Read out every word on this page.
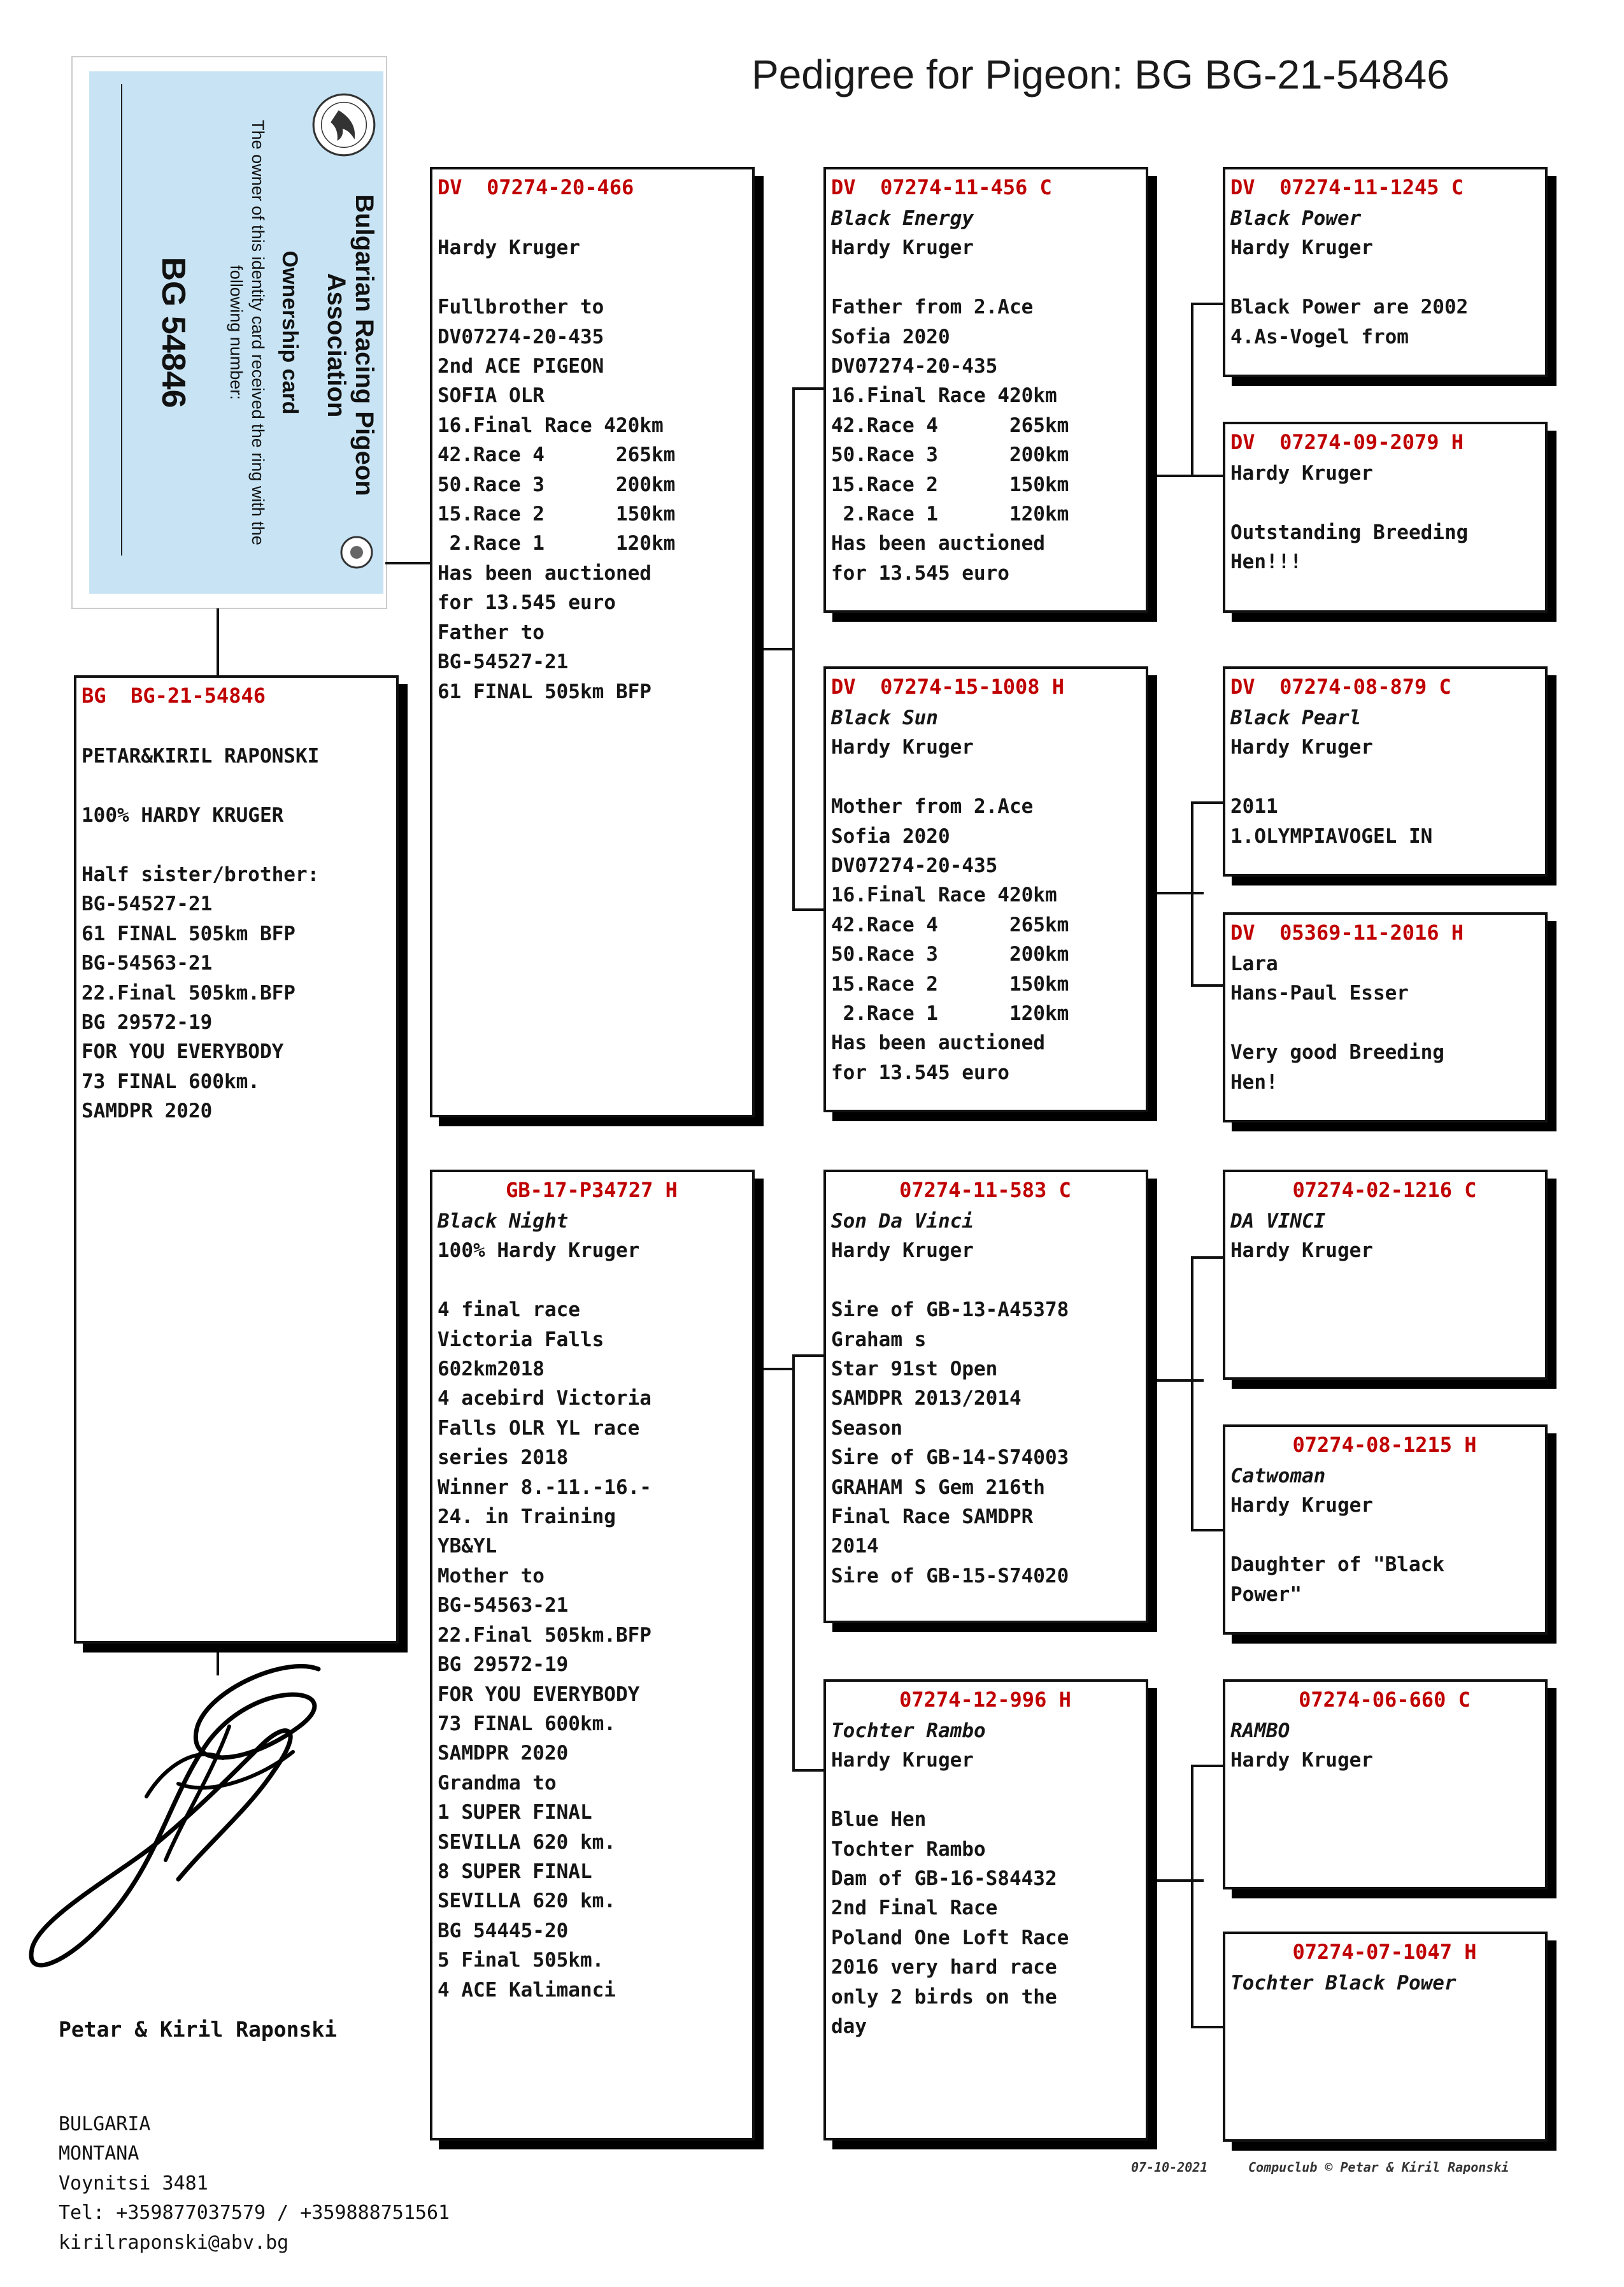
Pedigree for Pigeon: BG BG-21-54846
Bulgarian Racing Pigeon Association
Ownership card
The owner of this identity card received the ring with the following number:
BG 54846
BG  BG-21-54846

PETAR&KIRIL RAPONSKI

100% HARDY KRUGER

Half sister/brother:
BG-54527-21
61 FINAL 505km BFP
BG-54563-21
22.Final 505km.BFP
BG 29572-19
FOR YOU EVERYBODY
73 FINAL 600km.
SAMDPR 2020
DV  07274-20-466

Hardy Kruger

Fullbrother to
DV07274-20-435
2nd ACE PIGEON
SOFIA OLR
16.Final Race 420km
42.Race 4      265km
50.Race 3      200km
15.Race 2      150km
2.Race 1      120km
Has been auctioned
for 13.545 euro
Father to
BG-54527-21
61 FINAL 505km BFP
GB-17-P34727 H
Black Night
100% Hardy Kruger

4 final race
Victoria Falls
602km2018
4 acebird Victoria
Falls OLR YL race
series 2018
Winner 8.-11.-16.-
24. in Training
YB&YL
Mother to
BG-54563-21
22.Final 505km.BFP
BG 29572-19
FOR YOU EVERYBODY
73 FINAL 600km.
SAMDPR 2020
Grandma to
1 SUPER FINAL
SEVILLA 620 km.
8 SUPER FINAL
SEVILLA 620 km.
BG 54445-20
5 Final 505km.
4 ACE Kalimanci
DV  07274-11-456 C
Black Energy
Hardy Kruger

Father from 2.Ace
Sofia 2020
DV07274-20-435
16.Final Race 420km
42.Race 4      265km
50.Race 3      200km
15.Race 2      150km
2.Race 1      120km
Has been auctioned
for 13.545 euro
DV  07274-15-1008 H
Black Sun
Hardy Kruger

Mother from 2.Ace
Sofia 2020
DV07274-20-435
16.Final Race 420km
42.Race 4      265km
50.Race 3      200km
15.Race 2      150km
2.Race 1      120km
Has been auctioned
for 13.545 euro
07274-11-583 C
Son Da Vinci
Hardy Kruger

Sire of GB-13-A45378
Graham s
Star 91st Open
SAMDPR 2013/2014
Season
Sire of GB-14-S74003
GRAHAM S Gem 216th
Final Race SAMDPR
2014
Sire of GB-15-S74020
07274-12-996 H
Tochter Rambo
Hardy Kruger

Blue Hen
Tochter Rambo
Dam of GB-16-S84432
2nd Final Race
Poland One Loft Race
2016 very hard race
only 2 birds on the
day
DV  07274-11-1245 C
Black Power
Hardy Kruger

Black Power are 2002
4.As-Vogel from
DV  07274-09-2079 H
Hardy Kruger

Outstanding Breeding
Hen!!!
DV  07274-08-879 C
Black Pearl
Hardy Kruger

2011
1.OLYMPIAVOGEL IN
DV  05369-11-2016 H
Lara
Hans-Paul Esser

Very good Breeding
Hen!
07274-02-1216 C
DA VINCI
Hardy Kruger
07274-08-1215 H
Catwoman
Hardy Kruger

Daughter of "Black
Power"
07274-06-660 C
RAMBO
Hardy Kruger
07274-07-1047 H
Tochter Black Power

Petar & Kiril Raponski

BULGARIA
MONTANA
Voynitsi 3481
Tel: +359877037579 / +359888751561
kirilraponski@abv.bg

07-10-2021	Compuclub © Petar & Kiril Raponski
